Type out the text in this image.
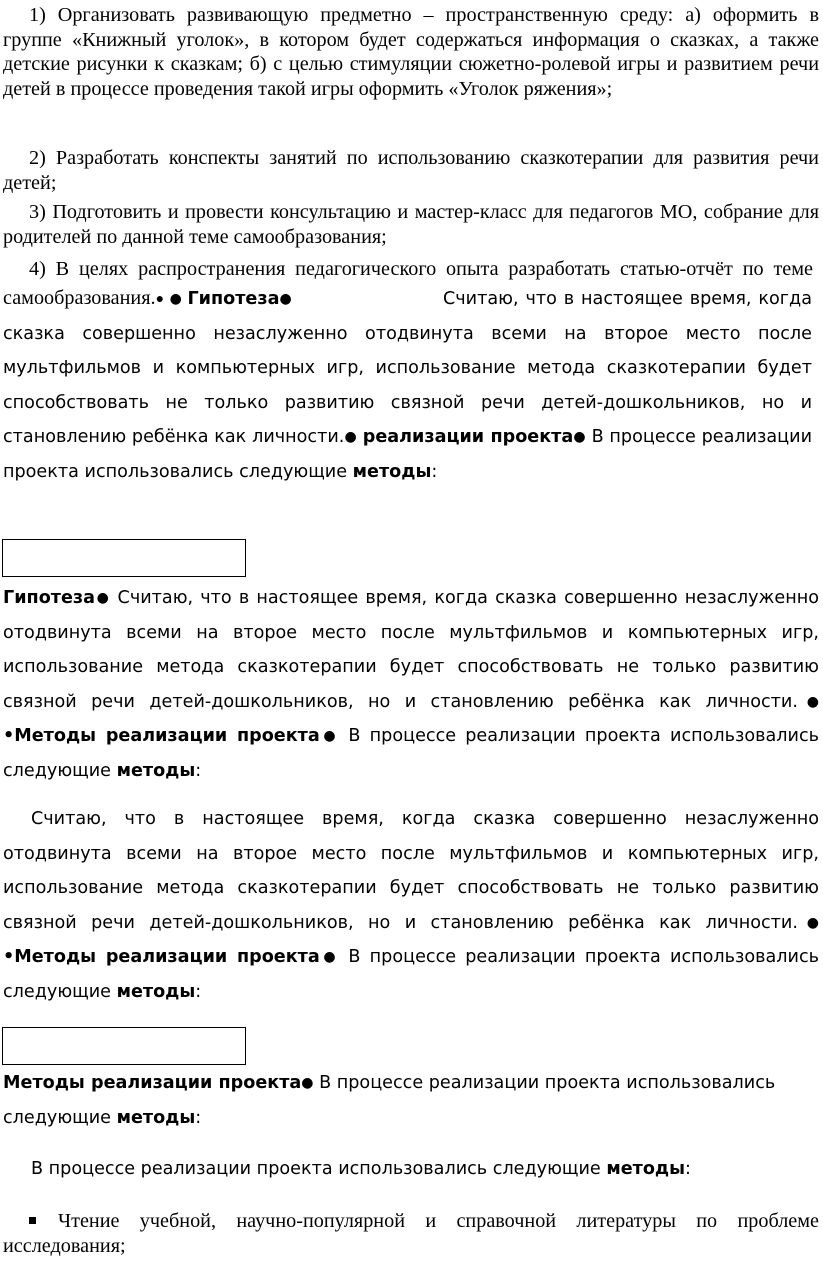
1) Организовать развивающую предметно – пространственную среду: а) оформить в группе «Книжный уголок», в котором будет содержаться информация о сказках, а также детские рисунки к сказкам; б) с целью стимуляции сюжетно-ролевой игры и развитием речи детей в процессе проведения такой игры оформить «Уголок ряжения»;

2) Разработать конспекты занятий по использованию сказкотерапии для развития речи детей;

3) Подготовить и провести консультацию и мастер-класс для педагогов МО, собрание для родителей по данной теме самообразования;

4) В целях распространения педагогического опыта разработать статью-отчёт по теме самообразования.● ● Гипотеза●	Считаю, что в настоящее время, когда сказка совершенно незаслуженно отодвинута всеми на второе место после мультфильмов и компьютерных игр, использование метода сказкотерапии будет способствовать не только развитию связной речи детей-дошкольников, но и становлению ребёнка как личности.● реализации проекта● В процессе реализации проекта использовались следующие методы:

Гипотеза● Считаю, что в настоящее время, когда сказка совершенно незаслуженно отодвинута всеми на второе место после мультфильмов и компьютерных игр, использование метода сказкотерапии будет способствовать не только развитию связной речи детей-дошкольников, но и становлению ребёнка как личности.● •Методы реализации проекта● В процессе реализации проекта использовались следующие методы:

Считаю, что в настоящее время, когда сказка совершенно незаслуженно отодвинута всеми на второе место после мультфильмов и компьютерных игр, использование метода сказкотерапии будет способствовать не только развитию связной речи детей-дошкольников, но и становлению ребёнка как личности.● •Методы реализации проекта● В процессе реализации проекта использовались следующие методы:

Методы реализации проекта● В процессе реализации проекта использовались следующие методы:

В процессе реализации проекта использовались следующие методы:

Чтение учебной, научно-популярной и справочной литературы по проблеме исследования;
